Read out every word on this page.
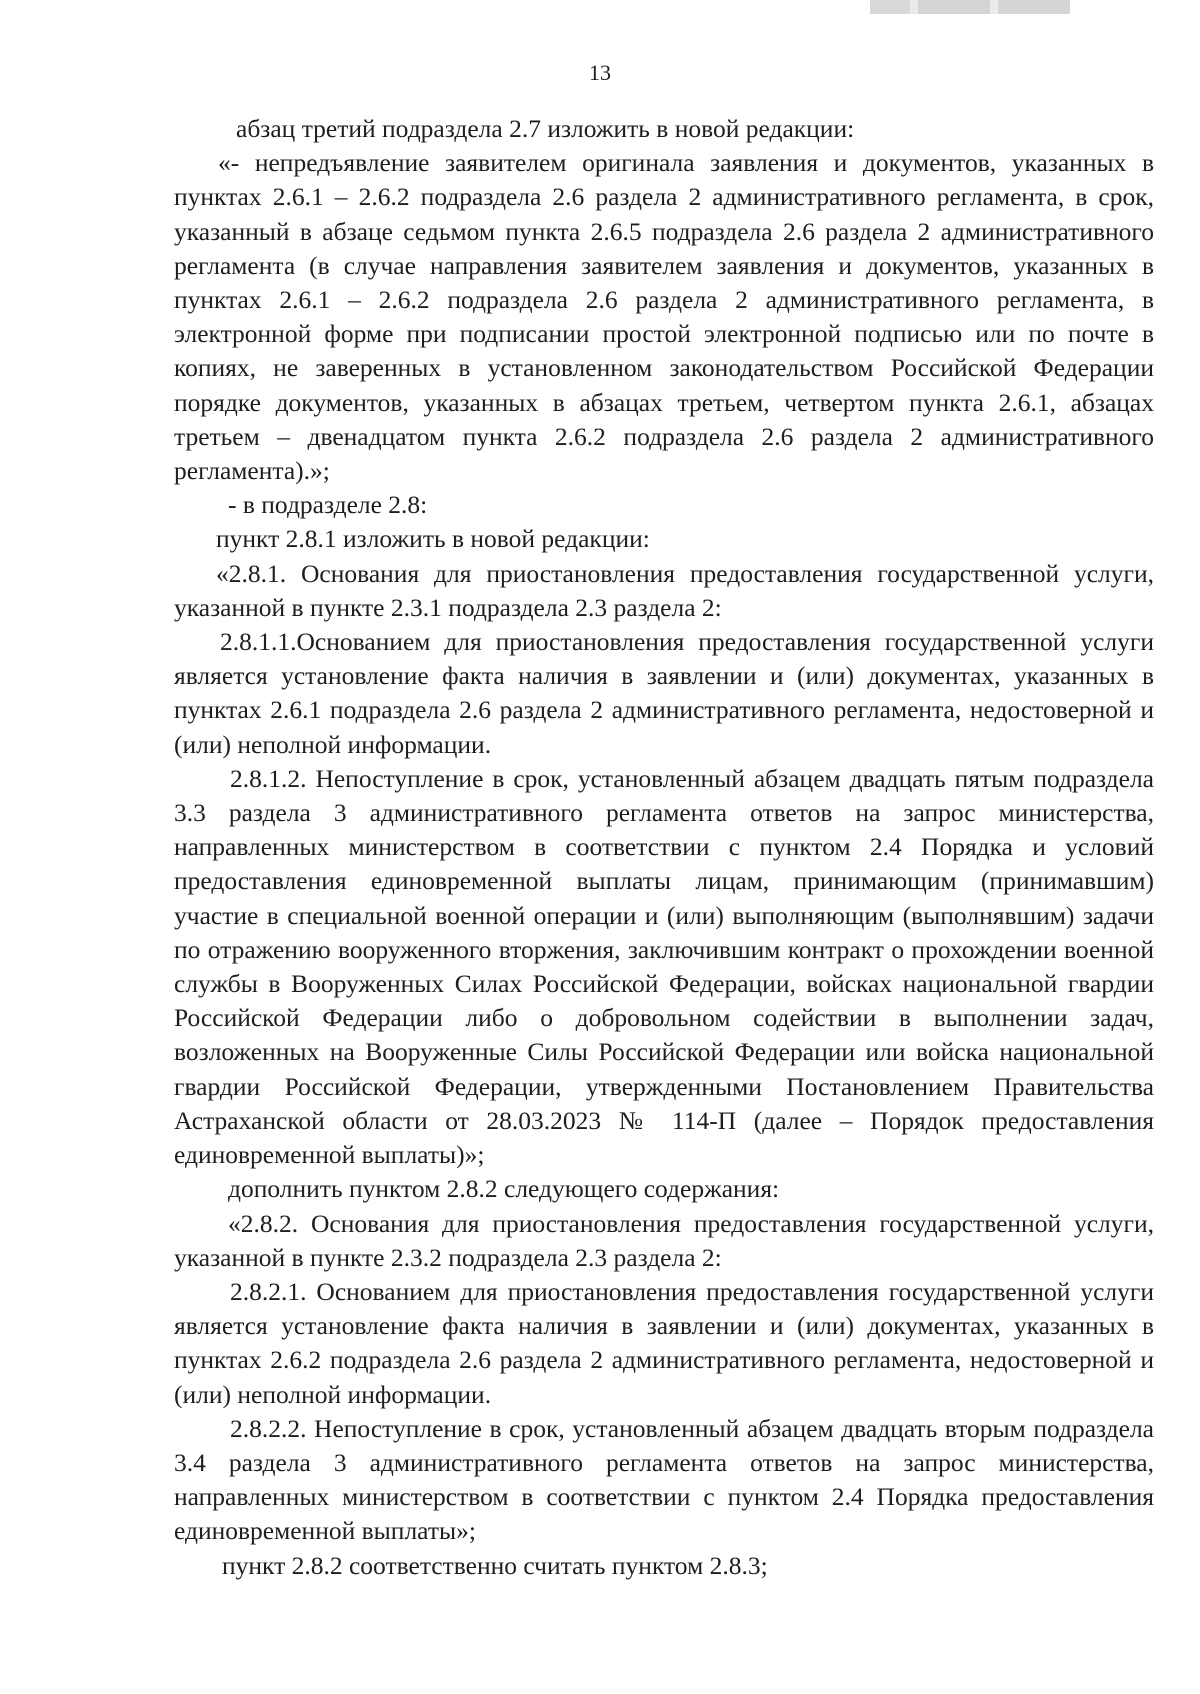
13

абзац третий подраздела 2.7 изложить в новой редакции:

«- непредъявление заявителем оригинала заявления и документов, указанных в пунктах 2.6.1 – 2.6.2 подраздела 2.6 раздела 2 административного регламента, в срок, указанный в абзаце седьмом пункта 2.6.5 подраздела 2.6 раздела 2 административного регламента (в случае направления заявителем заявления и документов, указанных в пунктах 2.6.1 – 2.6.2 подраздела 2.6 раздела 2 административного регламента, в электронной форме при подписании простой электронной подписью или по почте в копиях, не заверенных в установленном законодательством Российской Федерации порядке документов, указанных в абзацах третьем, четвертом пункта 2.6.1, абзацах третьем – двенадцатом пункта 2.6.2 подраздела 2.6 раздела 2 административного регламента).»;

- в подразделе 2.8:

пункт 2.8.1 изложить в новой редакции:

«2.8.1. Основания для приостановления предоставления государственной услуги, указанной в пункте 2.3.1 подраздела 2.3 раздела 2:

2.8.1.1.Основанием для приостановления предоставления государственной услуги является установление факта наличия в заявлении и (или) документах, указанных в пунктах 2.6.1 подраздела 2.6 раздела 2 административного регламента, недостоверной и (или) неполной информации.

2.8.1.2. Непоступление в срок, установленный абзацем двадцать пятым подраздела 3.3 раздела 3 административного регламента ответов на запрос министерства, направленных министерством в соответствии с пунктом 2.4 Порядка и условий предоставления единовременной выплаты лицам, принимающим (принимавшим) участие в специальной военной операции и (или) выполняющим (выполнявшим) задачи по отражению вооруженного вторжения, заключившим контракт о прохождении военной службы в Вооруженных Силах Российской Федерации, войсках национальной гвардии Российской Федерации либо о добровольном содействии в выполнении задач, возложенных на Вооруженные Силы Российской Федерации или войска национальной гвардии Российской Федерации, утвержденными Постановлением Правительства Астраханской области от 28.03.2023 № 114-П (далее – Порядок предоставления единовременной выплаты)»;

дополнить пунктом 2.8.2 следующего содержания:

«2.8.2. Основания для приостановления предоставления государственной услуги, указанной в пункте 2.3.2 подраздела 2.3 раздела 2:

2.8.2.1. Основанием для приостановления предоставления государственной услуги является установление факта наличия в заявлении и (или) документах, указанных в пунктах 2.6.2 подраздела 2.6 раздела 2 административного регламента, недостоверной и (или) неполной информации.

2.8.2.2. Непоступление в срок, установленный абзацем двадцать вторым подраздела 3.4 раздела 3 административного регламента ответов на запрос министерства, направленных министерством в соответствии с пунктом 2.4 Порядка предоставления единовременной выплаты»;

пункт 2.8.2 соответственно считать пунктом 2.8.3;
